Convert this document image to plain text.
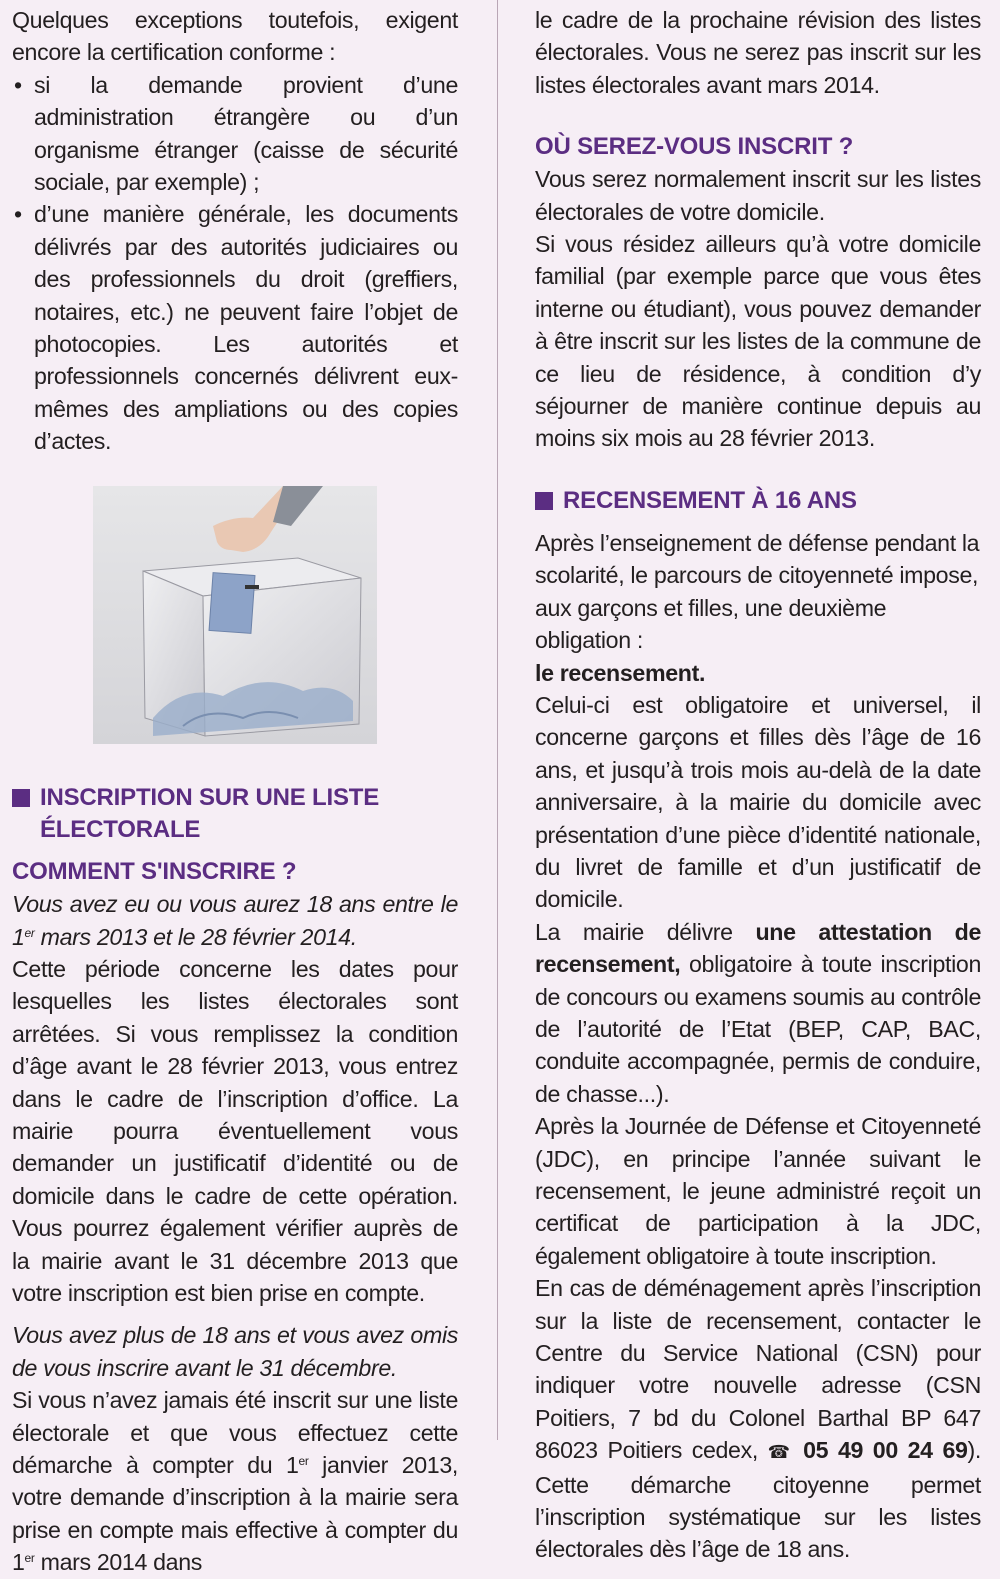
Quelques exceptions toutefois, exigent encore la certification conforme :

• si la demande provient d’une administration étrangère ou d’un organisme étranger (caisse de sécurité sociale, par exemple) ;
• d’une manière générale, les documents délivrés par des autorités judiciaires ou des professionnels du droit (greffiers, notaires, etc.) ne peuvent faire l’objet de photocopies. Les autorités et professionnels concernés délivrent eux-mêmes des ampliations ou des copies d’actes.
INSCRIPTION SUR UNE LISTE ÉLECTORALE
COMMENT S'INSCRIRE ?

Vous avez eu ou vous aurez 18 ans entre le 1er mars 2013 et le 28 février 2014.

Cette période concerne les dates pour lesquelles les listes électorales sont arrêtées. Si vous remplissez la condition d’âge avant le 28 février 2013, vous entrez dans le cadre de l’inscription d’office. La mairie pourra éventuellement vous demander un justificatif d’identité ou de domicile dans le cadre de cette opération. Vous pourrez également vérifier auprès de la mairie avant le 31 décembre 2013 que votre inscription est bien prise en compte.

Vous avez plus de 18 ans et vous avez omis de vous inscrire avant le 31 décembre.

Si vous n’avez jamais été inscrit sur une liste électorale et que vous effectuez cette démarche à compter du 1er janvier 2013, votre demande d’inscription à la mairie sera prise en compte mais effective à compter du 1er mars 2014 dans

le cadre de la prochaine révision des listes électorales. Vous ne serez pas inscrit sur les listes électorales avant mars 2014.

OÙ SEREZ-VOUS INSCRIT ?

Vous serez normalement inscrit sur les listes électorales de votre domicile.

Si vous résidez ailleurs qu’à votre domicile familial (par exemple parce que vous êtes interne ou étudiant), vous pouvez demander à être inscrit sur les listes de la commune de ce lieu de résidence, à condition d’y séjourner de manière continue depuis au moins six mois au 28 février 2013.

RECENSEMENT À 16 ANS

Après l’enseignement de défense pendant la scolarité, le parcours de citoyenneté impose, aux garçons et filles, une deuxième obligation :

le recensement.

Celui-ci est obligatoire et universel, il concerne garçons et filles dès l’âge de 16 ans, et jusqu’à trois mois au-delà de la date anniversaire, à la mairie du domicile avec présentation d’une pièce d’identité nationale, du livret de famille et d’un justificatif de domicile.

La mairie délivre une attestation de recensement, obligatoire à toute inscription de concours ou examens soumis au contrôle de l’autorité de l’Etat (BEP, CAP, BAC, conduite accompagnée, permis de conduire, de chasse...).

Après la Journée de Défense et Citoyenneté (JDC), en principe l’année suivant le recensement, le jeune administré reçoit un certificat de participation à la JDC, également obligatoire à toute inscription.

En cas de déménagement après l’inscription sur la liste de recensement, contacter le Centre du Service National (CSN) pour indiquer votre nouvelle adresse (CSN Poitiers, 7 bd du Colonel Barthal BP 647 86023 Poitiers cedex, ☎ 05 49 00 24 69). Cette démarche citoyenne permet l’inscription systématique sur les listes électorales dès l’âge de 18 ans.
